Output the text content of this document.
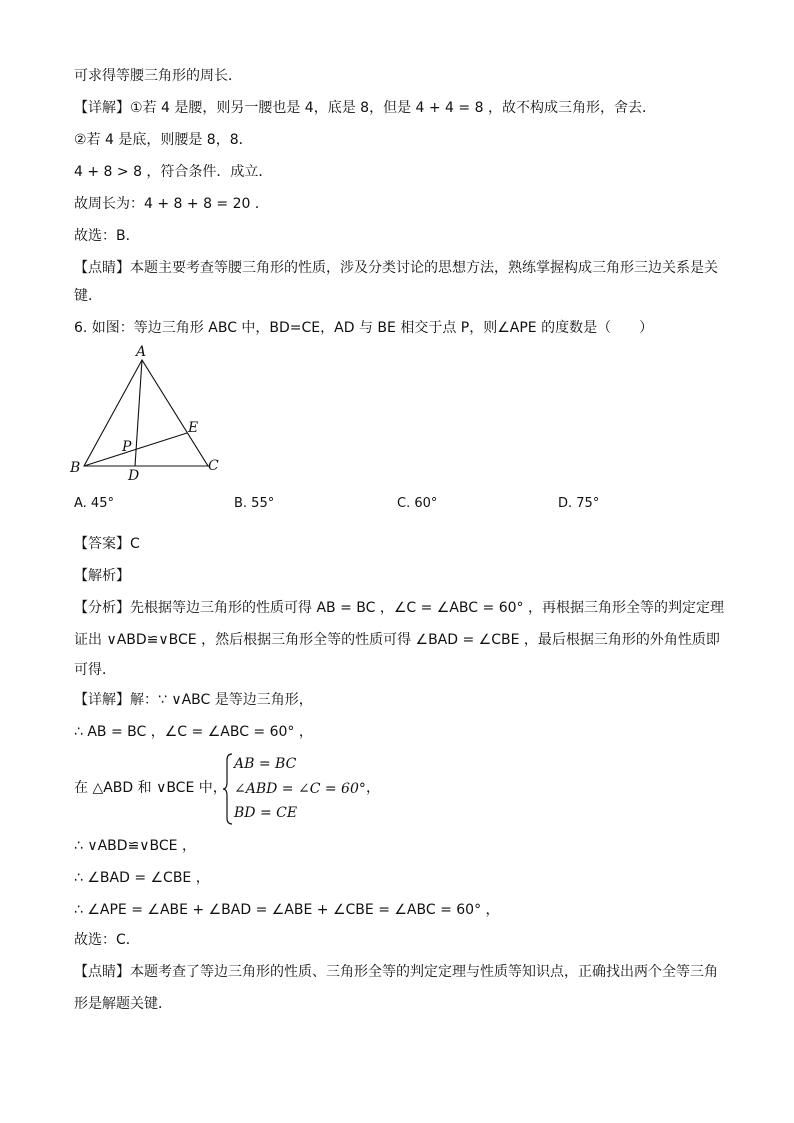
可求得等腰三角形的周长．
【详解】①若 4 是腰，则另一腰也是 4，底是 8，但是 4 + 4 = 8 ，故不构成三角形，舍去．
②若 4 是底，则腰是 8，8．
4 + 8 > 8 ，符合条件．成立．
故周长为：4 + 8 + 8 = 20 ．
故选：B．
【点睛】本题主要考查等腰三角形的性质，涉及分类讨论的思想方法，熟练掌握构成三角形三边关系是关
键．
6. 如图：等边三角形 ABC 中，BD=CE，AD 与 BE 相交于点 P，则∠APE 的度数是（　　）
A
B	C
D
E
P
A. 45°	B. 55°	C. 60°	D. 75°
【答案】C
【解析】
【分析】先根据等边三角形的性质可得 AB = BC ，∠C = ∠ABC = 60° ，再根据三角形全等的判定定理
证出 ∨ABD≌∨BCE ，然后根据三角形全等的性质可得 ∠BAD = ∠CBE ，最后根据三角形的外角性质即
可得．
【详解】解：∵ ∨ABC 是等边三角形，
∴ AB = BC ，∠C = ∠ABC = 60° ，
在 △ABD 和 ∨BCE 中，
AB = BC
∠ABD = ∠C = 60°
BD = CE
，
∴ ∨ABD≌∨BCE ，
∴ ∠BAD = ∠CBE ，
∴ ∠APE = ∠ABE + ∠BAD = ∠ABE + ∠CBE = ∠ABC = 60° ，
故选：C．
【点睛】本题考查了等边三角形的性质、三角形全等的判定定理与性质等知识点，正确找出两个全等三角
形是解题关键．
